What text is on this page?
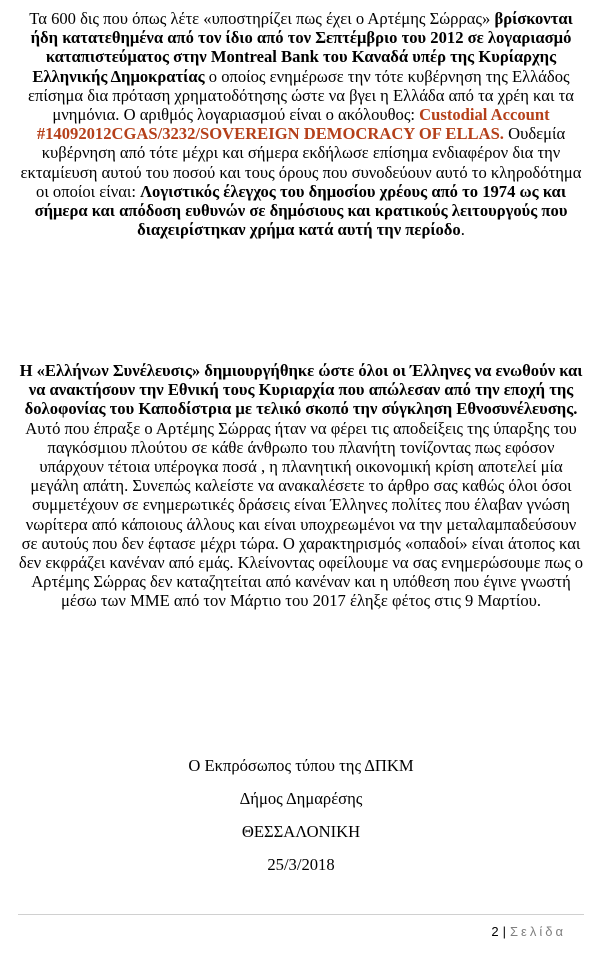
Τα 600 δις που όπως λέτε «υποστηρίζει πως έχει ο Αρτέμης Σώρρας» βρίσκονται ήδη κατατεθημένα από τον ίδιο από τον Σεπτέμβριο του 2012 σε λογαριασμό καταπιστεύματος στην Montreal Bank του Καναδά υπέρ της Κυρίαρχης Ελληνικής Δημοκρατίας ο οποίος ενημέρωσε την τότε κυβέρνηση της Ελλάδος επίσημα δια πρόταση χρηματοδότησης ώστε να βγει η Ελλάδα από τα χρέη και τα μνημόνια. Ο αριθμός λογαριασμού είναι ο ακόλουθος: Custodial Account #14092012CGAS/3232/SOVEREIGN DEMOCRACY OF ELLAS. Ουδεμία κυβέρνηση από τότε μέχρι και σήμερα εκδήλωσε επίσημα ενδιαφέρον δια την εκταμίευση αυτού του ποσού και τους όρους που συνοδεύουν αυτό το κληροδότημα οι οποίοι είναι: Λογιστικός έλεγχος του δημοσίου χρέους από το 1974 ως και σήμερα και απόδοση ευθυνών σε δημόσιους και κρατικούς λειτουργούς που διαχειρίστηκαν χρήμα κατά αυτή την περίοδο.

Η «Ελλήνων Συνέλευσις» δημιουργήθηκε ώστε όλοι οι Έλληνες να ενωθούν και να ανακτήσουν την Εθνική τους Κυριαρχία που απώλεσαν από την εποχή της δολοφονίας του Καποδίστρια με τελικό σκοπό την σύγκληση Εθνοσυνέλευσης. Αυτό που έπραξε ο Αρτέμης Σώρρας ήταν να φέρει τις αποδείξεις της ύπαρξης του παγκόσμιου πλούτου σε κάθε άνθρωπο του πλανήτη τονίζοντας πως εφόσον υπάρχουν τέτοια υπέρογκα ποσά , η πλανητική οικονομική κρίση αποτελεί μία μεγάλη απάτη. Συνεπώς καλείστε να ανακαλέσετε το άρθρο σας καθώς όλοι όσοι συμμετέχουν σε ενημερωτικές δράσεις είναι Έλληνες πολίτες που έλαβαν γνώση νωρίτερα από κάποιους άλλους και είναι υποχρεωμένοι να την μεταλαμπαδεύσουν σε αυτούς που δεν έφτασε μέχρι τώρα. Ο χαρακτηρισμός «οπαδοί» είναι άτοπος και δεν εκφράζει κανέναν από εμάς. Κλείνοντας οφείλουμε να σας ενημερώσουμε πως ο Αρτέμης Σώρρας δεν καταζητείται από κανέναν και η υπόθεση που έγινε γνωστή μέσω των ΜΜΕ από τον Μάρτιο του 2017 έληξε φέτος στις 9 Μαρτίου.

Ο Εκπρόσωπος τύπου της ΔΠΚΜ

Δήμος Δημαρέσης

ΘΕΣΣΑΛΟΝΙΚΗ

25/3/2018

2 | Σελίδα
